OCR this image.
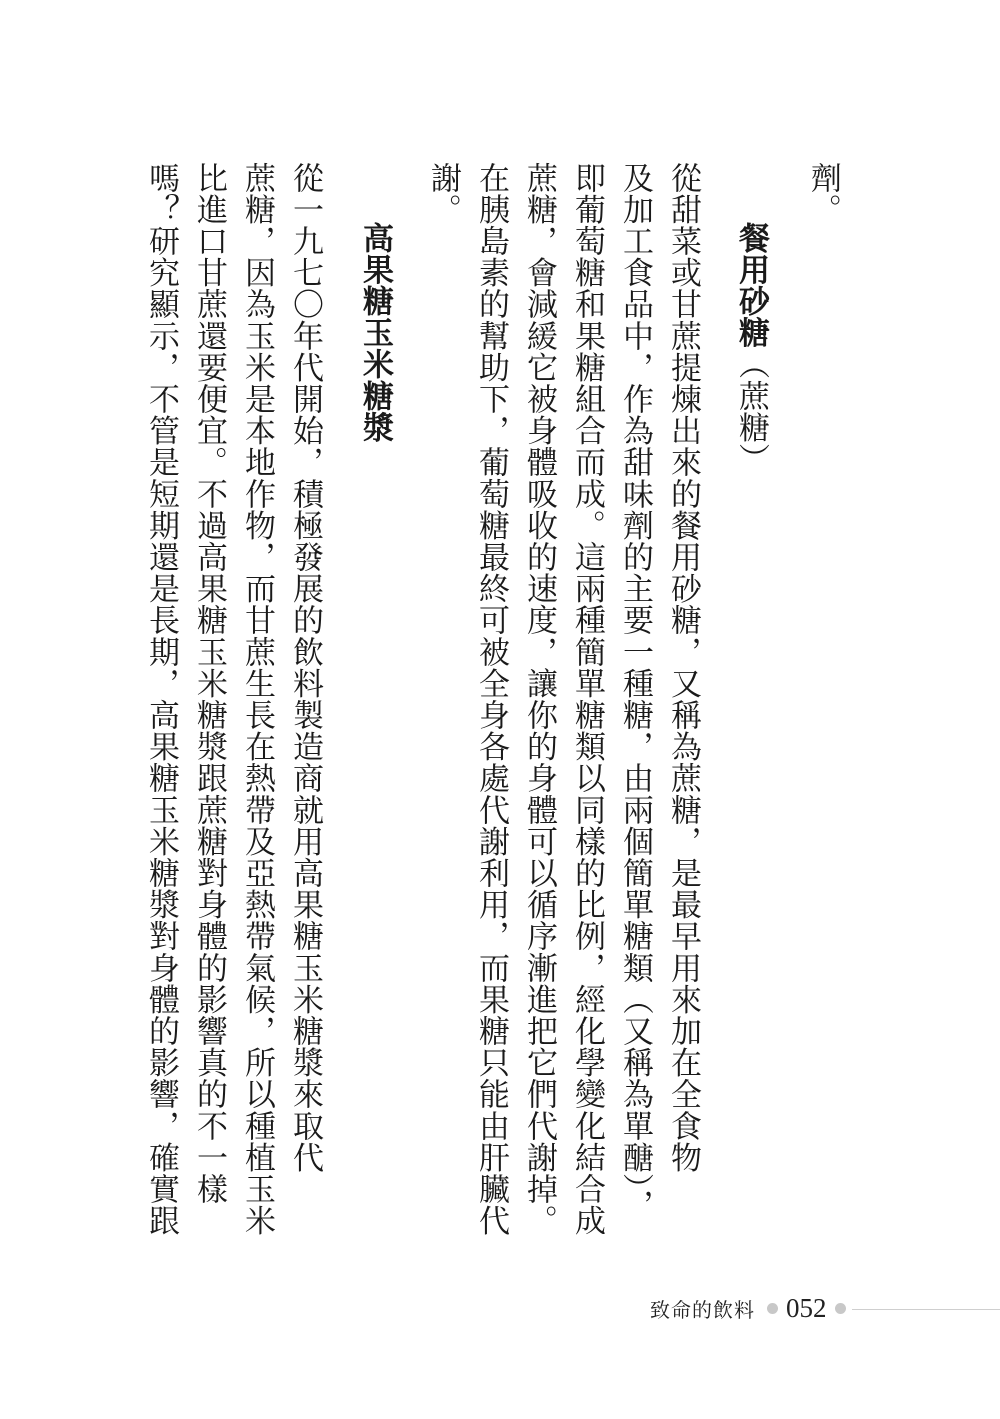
劑。
餐用砂糖（蔗糖）
從甜菜或甘蔗提煉出來的餐用砂糖，又稱為蔗糖，是最早用來加在全食物
及加工食品中，作為甜味劑的主要一種糖，由兩個簡單糖類（又稱為單醣），
即葡萄糖和果糖組合而成。這兩種簡單糖類以同樣的比例，經化學變化結合成
蔗糖，會減緩它被身體吸收的速度，讓你的身體可以循序漸進把它們代謝掉。
在胰島素的幫助下，葡萄糖最終可被全身各處代謝利用，而果糖只能由肝臟代
謝。
高果糖玉米糖漿
從一九七〇年代開始，積極發展的飲料製造商就用高果糖玉米糖漿來取代
蔗糖，因為玉米是本地作物，而甘蔗生長在熱帶及亞熱帶氣候，所以種植玉米
比進口甘蔗還要便宜。不過高果糖玉米糖漿跟蔗糖對身體的影響真的不一樣
嗎？研究顯示，不管是短期還是長期，高果糖玉米糖漿對身體的影響，確實跟
致命的飲料 052
